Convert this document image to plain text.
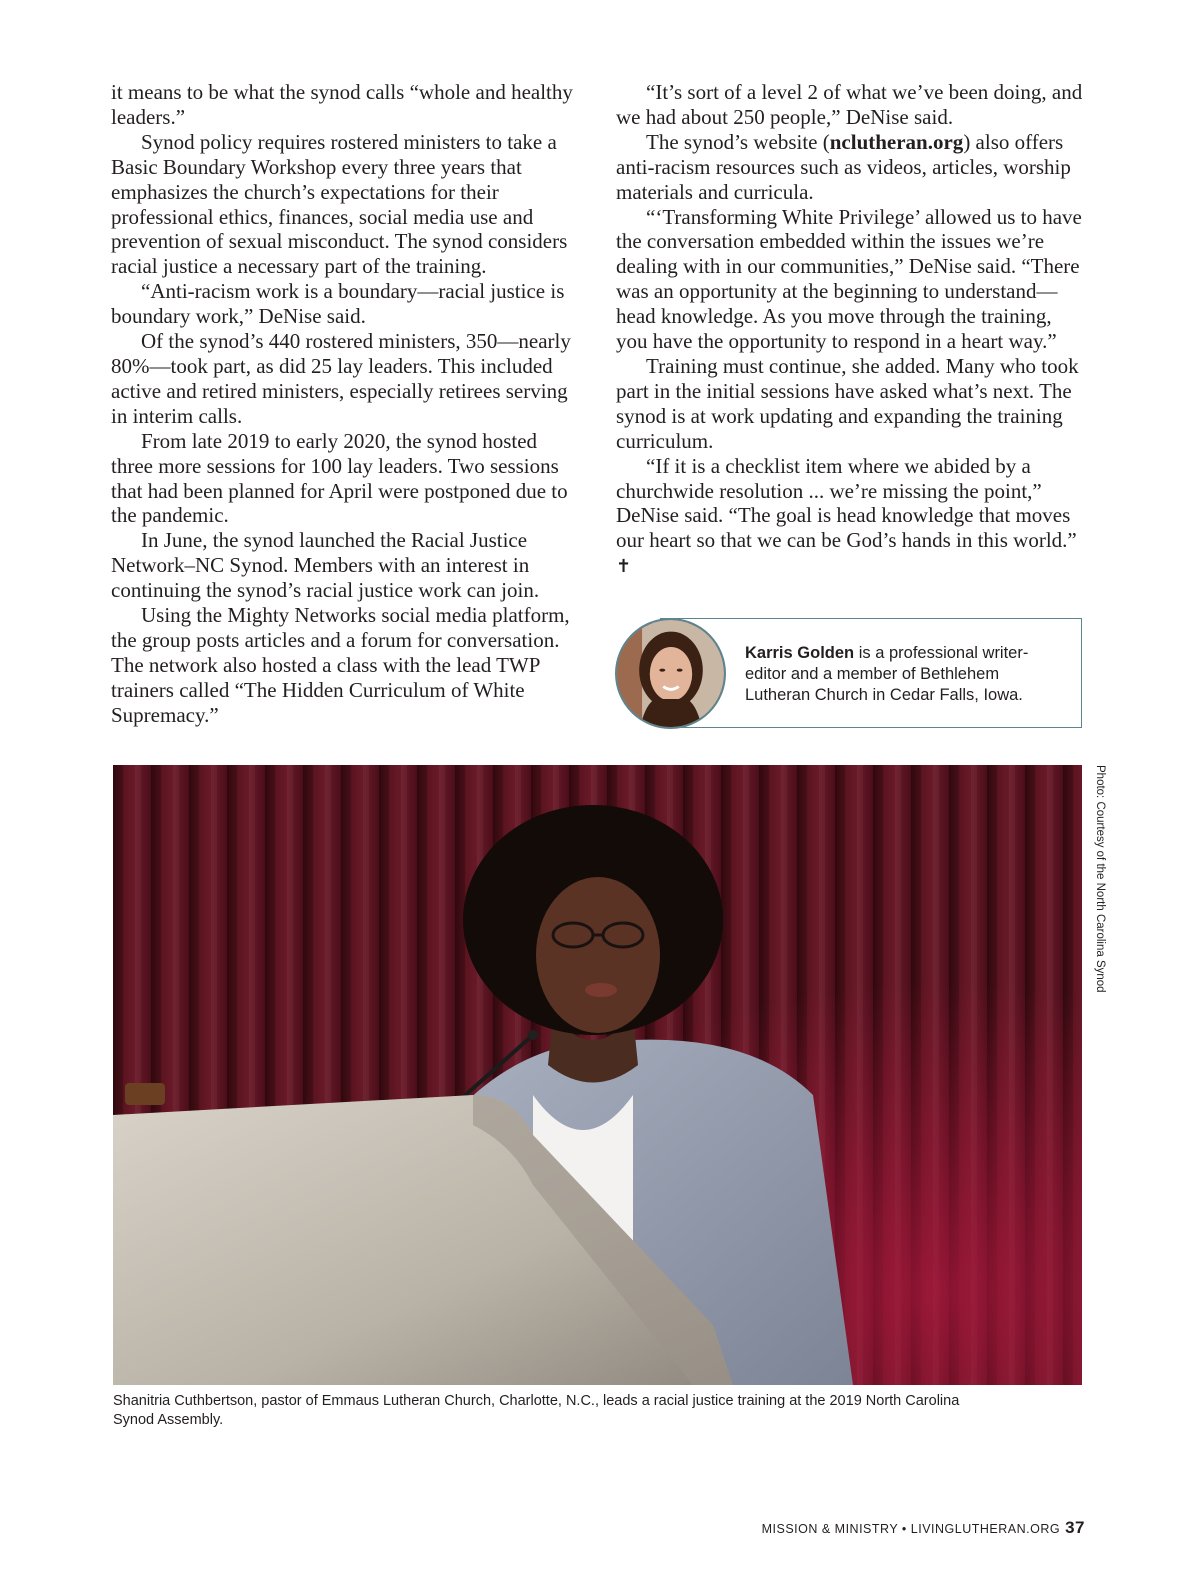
it means to be what the synod calls “whole and healthy leaders.”

Synod policy requires rostered ministers to take a Basic Boundary Workshop every three years that emphasizes the church’s expectations for their professional ethics, finances, social media use and prevention of sexual misconduct. The synod considers racial justice a necessary part of the training.

“Anti-racism work is a boundary—racial justice is boundary work,” DeNise said.

Of the synod’s 440 rostered ministers, 350—nearly 80%—took part, as did 25 lay leaders. This included active and retired ministers, especially retirees serving in interim calls.

From late 2019 to early 2020, the synod hosted three more sessions for 100 lay leaders. Two sessions that had been planned for April were postponed due to the pandemic.

In June, the synod launched the Racial Justice Network–NC Synod. Members with an interest in continuing the synod’s racial justice work can join.

Using the Mighty Networks social media platform, the group posts articles and a forum for conversation. The network also hosted a class with the lead TWP trainers called “The Hidden Curriculum of White Supremacy.”

“It’s sort of a level 2 of what we’ve been doing, and we had about 250 people,” DeNise said.

The synod’s website (nclutheran.org) also offers anti-racism resources such as videos, articles, worship materials and curricula.

“‘Transforming White Privilege’ allowed us to have the conversation embedded within the issues we’re dealing with in our communities,” DeNise said. “There was an opportunity at the beginning to understand—head knowledge. As you move through the training, you have the opportunity to respond in a heart way.”

Training must continue, she added. Many who took part in the initial sessions have asked what’s next. The synod is at work updating and expanding the training curriculum.

“If it is a checklist item where we abided by a churchwide resolution ... we’re missing the point,” DeNise said. “The goal is head knowledge that moves our heart so that we can be God’s hands in this world.” ✝

Karris Golden is a professional writer-editor and a member of Bethlehem Lutheran Church in Cedar Falls, Iowa.
Photo: Courtesy of the North Carolina Synod
Shanitria Cuthbertson, pastor of Emmaus Lutheran Church, Charlotte, N.C., leads a racial justice training at the 2019 North Carolina Synod Assembly.
MISSION & MINISTRY • LIVINGLUTHERAN.ORG 37
